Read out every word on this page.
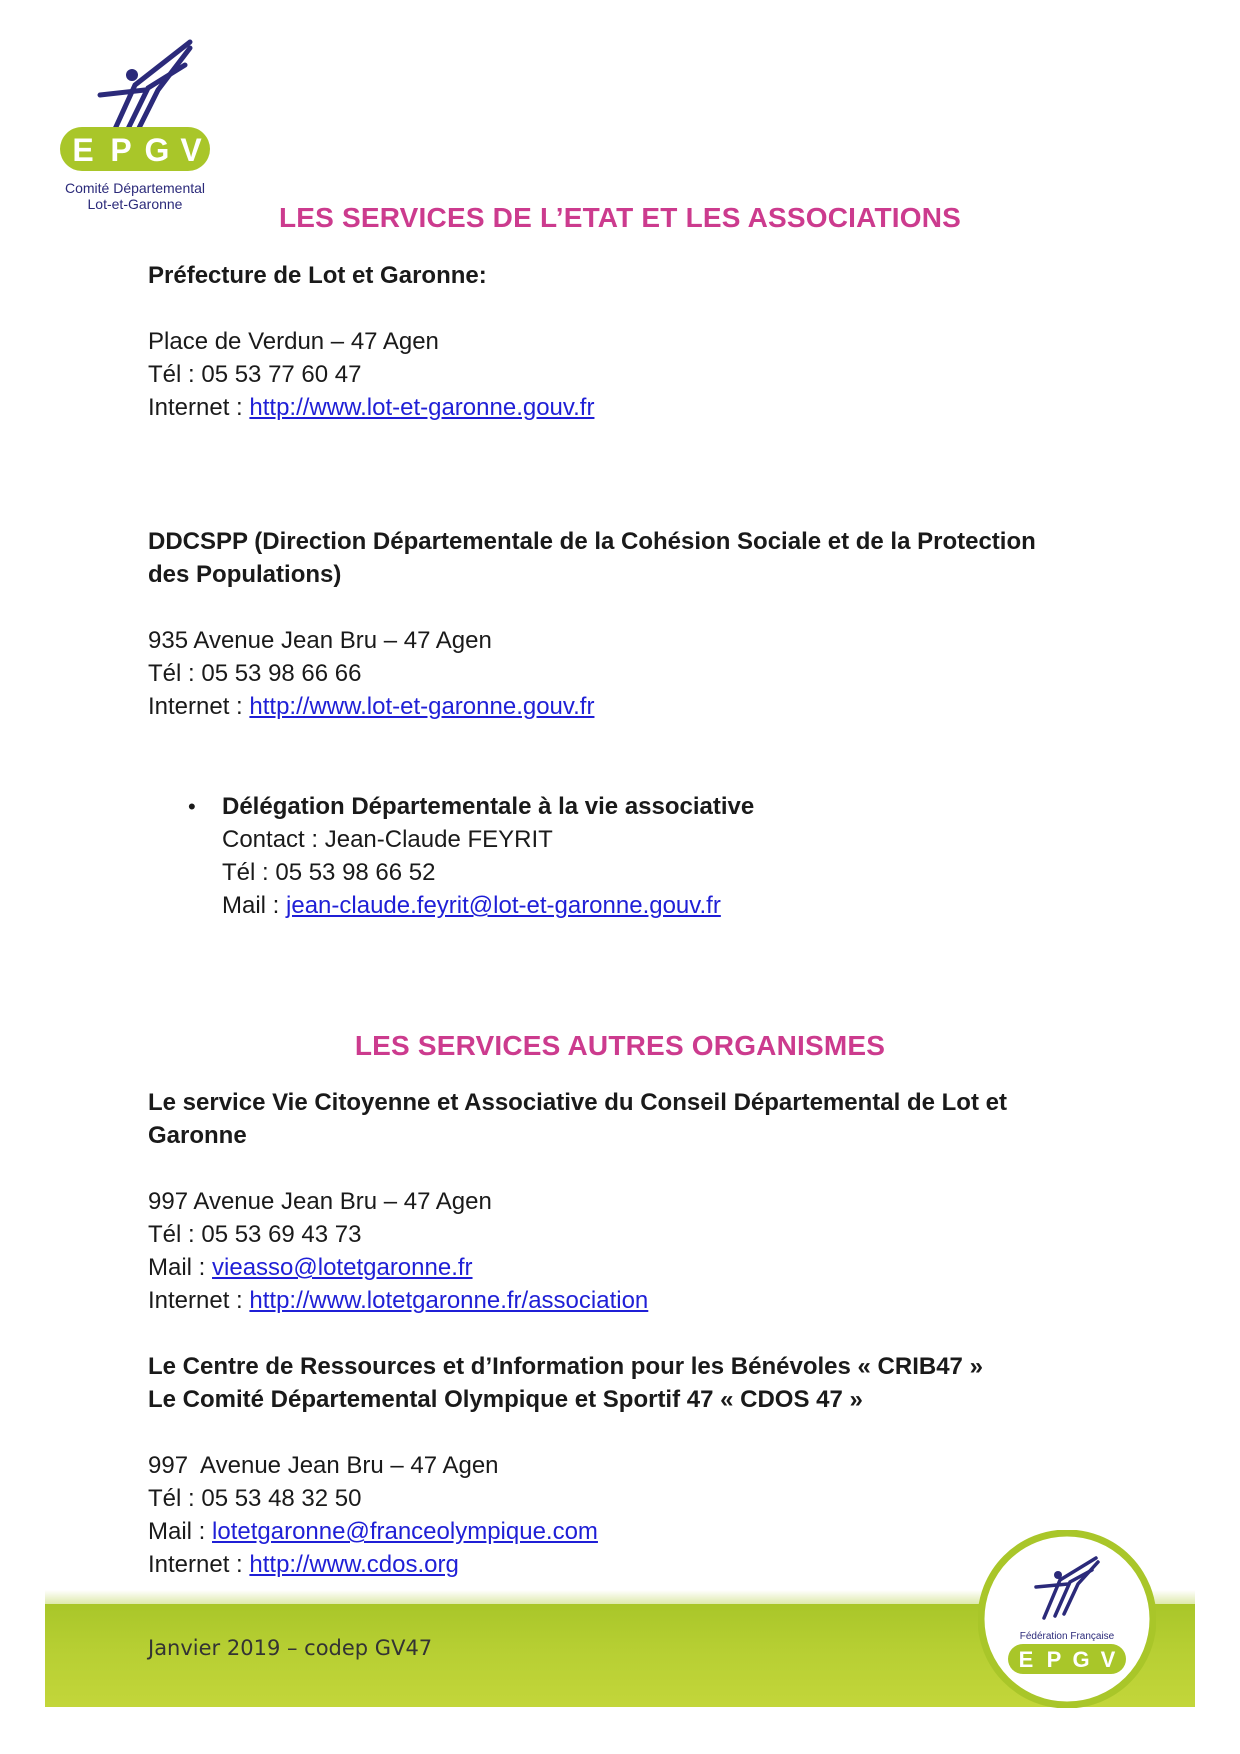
E P G V
Comité Départemental
Lot-et-Garonne	LES SERVICES DE L’ETAT ET LES ASSOCIATIONS
Préfecture de Lot et Garonne:
Place de Verdun – 47 Agen
Tél : 05 53 77 60 47
Internet : http://www.lot-et-garonne.gouv.fr
DDCSPP (Direction Départementale de la Cohésion Sociale et de la Protection
des Populations)
935 Avenue Jean Bru – 47 Agen
Tél : 05 53 98 66 66
Internet : http://www.lot-et-garonne.gouv.fr
• Délégation Départementale à la vie associative
Contact : Jean-Claude FEYRIT
Tél : 05 53 98 66 52
Mail : jean-claude.feyrit@lot-et-garonne.gouv.fr
LES SERVICES AUTRES ORGANISMES
Le service Vie Citoyenne et Associative du Conseil Départemental de Lot et
Garonne
997 Avenue Jean Bru – 47 Agen
Tél : 05 53 69 43 73
Mail : vieasso@lotetgaronne.fr
Internet : http://www.lotetgaronne.fr/association
Le Centre de Ressources et d’Information pour les Bénévoles « CRIB47 »
Le Comité Départemental Olympique et Sportif 47 « CDOS 47 »
997  Avenue Jean Bru – 47 Agen
Tél : 05 53 48 32 50
Mail : lotetgaronne@franceolympique.com
Internet : http://www.cdos.org
Janvier 2019 – codep GV47	Fédération Française
E P G V
